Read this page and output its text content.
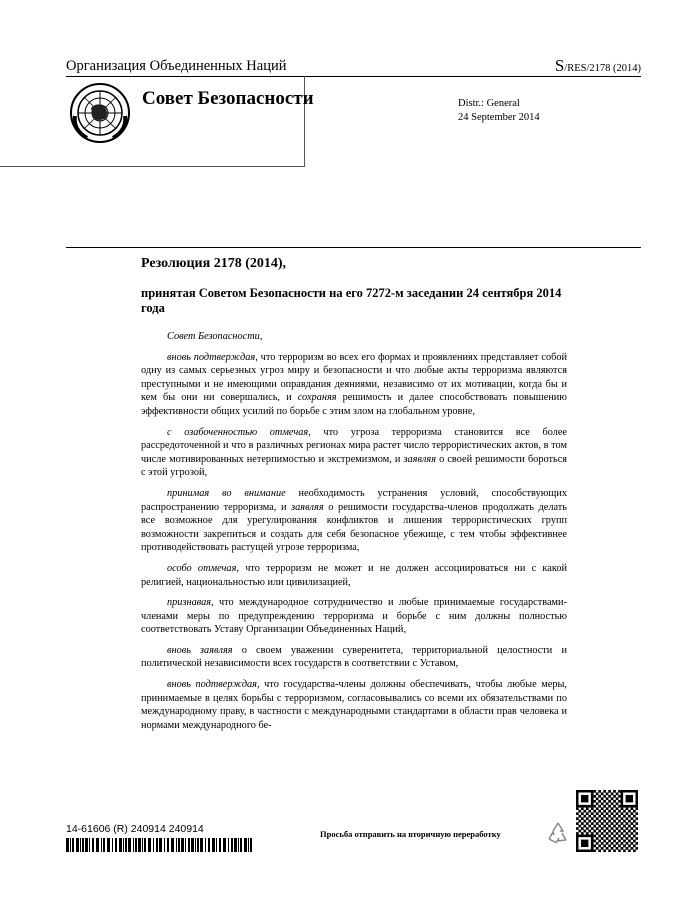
Организация Объединенных Наций	S/RES/2178 (2014)
Совет Безопасности	Distr.: General
24 September 2014
Резолюция 2178 (2014),
принятая Советом Безопасности на его 7272-м заседании 24 сентября 2014 года

Совет Безопасности,

вновь подтверждая, что терроризм во всех его формах и проявлениях представляет собой одну из самых серьезных угроз миру и безопасности и что любые акты терроризма являются преступными и не имеющими оправдания деяниями, независимо от их мотивации, когда бы и кем бы они ни совершались, и сохраняя решимость и далее способствовать повышению эффективности общих усилий по борьбе с этим злом на глобальном уровне,

с озабоченностью отмечая, что угроза терроризма становится все более рассредоточенной и что в различных регионах мира растет число террористических актов, в том числе мотивированных нетерпимостью и экстремизмом, и заявляя о своей решимости бороться с этой угрозой,

принимая во внимание необходимость устранения условий, способствующих распространению терроризма, и заявляя о решимости государства-членов продолжать делать все возможное для урегулирования конфликтов и лишения террористических групп возможности закрепиться и создать для себя безопасное убежище, с тем чтобы эффективнее противодействовать растущей угрозе терроризма,

особо отмечая, что терроризм не может и не должен ассоциироваться ни с какой религией, национальностью или цивилизацией,

признавая, что международное сотрудничество и любые принимаемые государствами-членами меры по предупреждению терроризма и борьбе с ним должны полностью соответствовать Уставу Организации Объединенных Наций,

вновь заявляя о своем уважении суверенитета, территориальной целостности и политической независимости всех государств в соответствии с Уставом,

вновь подтверждая, что государства-члены должны обеспечивать, чтобы любые меры, принимаемые в целях борьбы с терроризмом, согласовывались со всеми их обязательствами по международному праву, в частности с международными стандартами в области прав человека и нормами международного бе-

14-61606 (R) 240914 240914	Просьба отправить на вторичную переработку
